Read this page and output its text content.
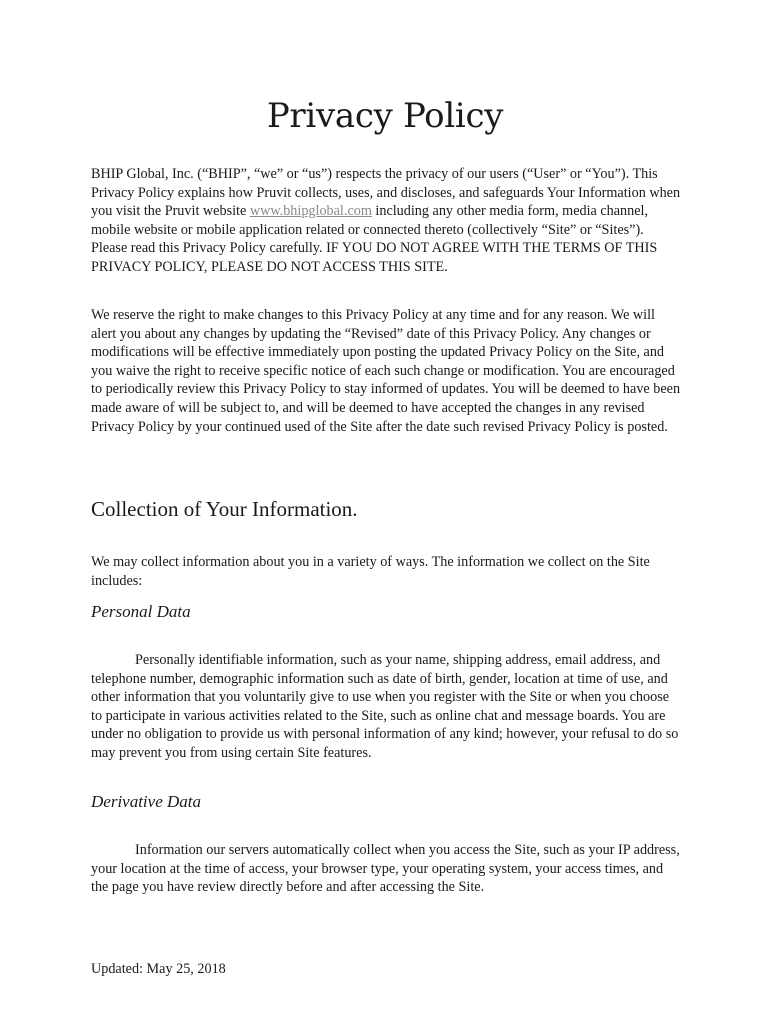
Privacy Policy

BHIP Global, Inc. (“BHIP”, “we” or “us”) respects the privacy of our users (“User” or “You”). This Privacy Policy explains how Pruvit collects, uses, and discloses, and safeguards Your Information when you visit the Pruvit website www.bhipglobal.com including any other media form, media channel, mobile website or mobile application related or connected thereto (collectively “Site” or “Sites”). Please read this Privacy Policy carefully. IF YOU DO NOT AGREE WITH THE TERMS OF THIS PRIVACY POLICY, PLEASE DO NOT ACCESS THIS SITE.

We reserve the right to make changes to this Privacy Policy at any time and for any reason. We will alert you about any changes by updating the “Revised” date of this Privacy Policy. Any changes or modifications will be effective immediately upon posting the updated Privacy Policy on the Site, and you waive the right to receive specific notice of each such change or modification. You are encouraged to periodically review this Privacy Policy to stay informed of updates. You will be deemed to have been made aware of will be subject to, and will be deemed to have accepted the changes in any revised Privacy Policy by your continued used of the Site after the date such revised Privacy Policy is posted.

Collection of Your Information.

We may collect information about you in a variety of ways. The information we collect on the Site includes:

Personal Data

Personally identifiable information, such as your name, shipping address, email address, and telephone number, demographic information such as date of birth, gender, location at time of use, and other information that you voluntarily give to use when you register with the Site or when you choose to participate in various activities related to the Site, such as online chat and message boards. You are under no obligation to provide us with personal information of any kind; however, your refusal to do so may prevent you from using certain Site features.

Derivative Data

Information our servers automatically collect when you access the Site, such as your IP address, your location at the time of access, your browser type, your operating system, your access times, and the page you have review directly before and after accessing the Site.

Updated: May 25, 2018
